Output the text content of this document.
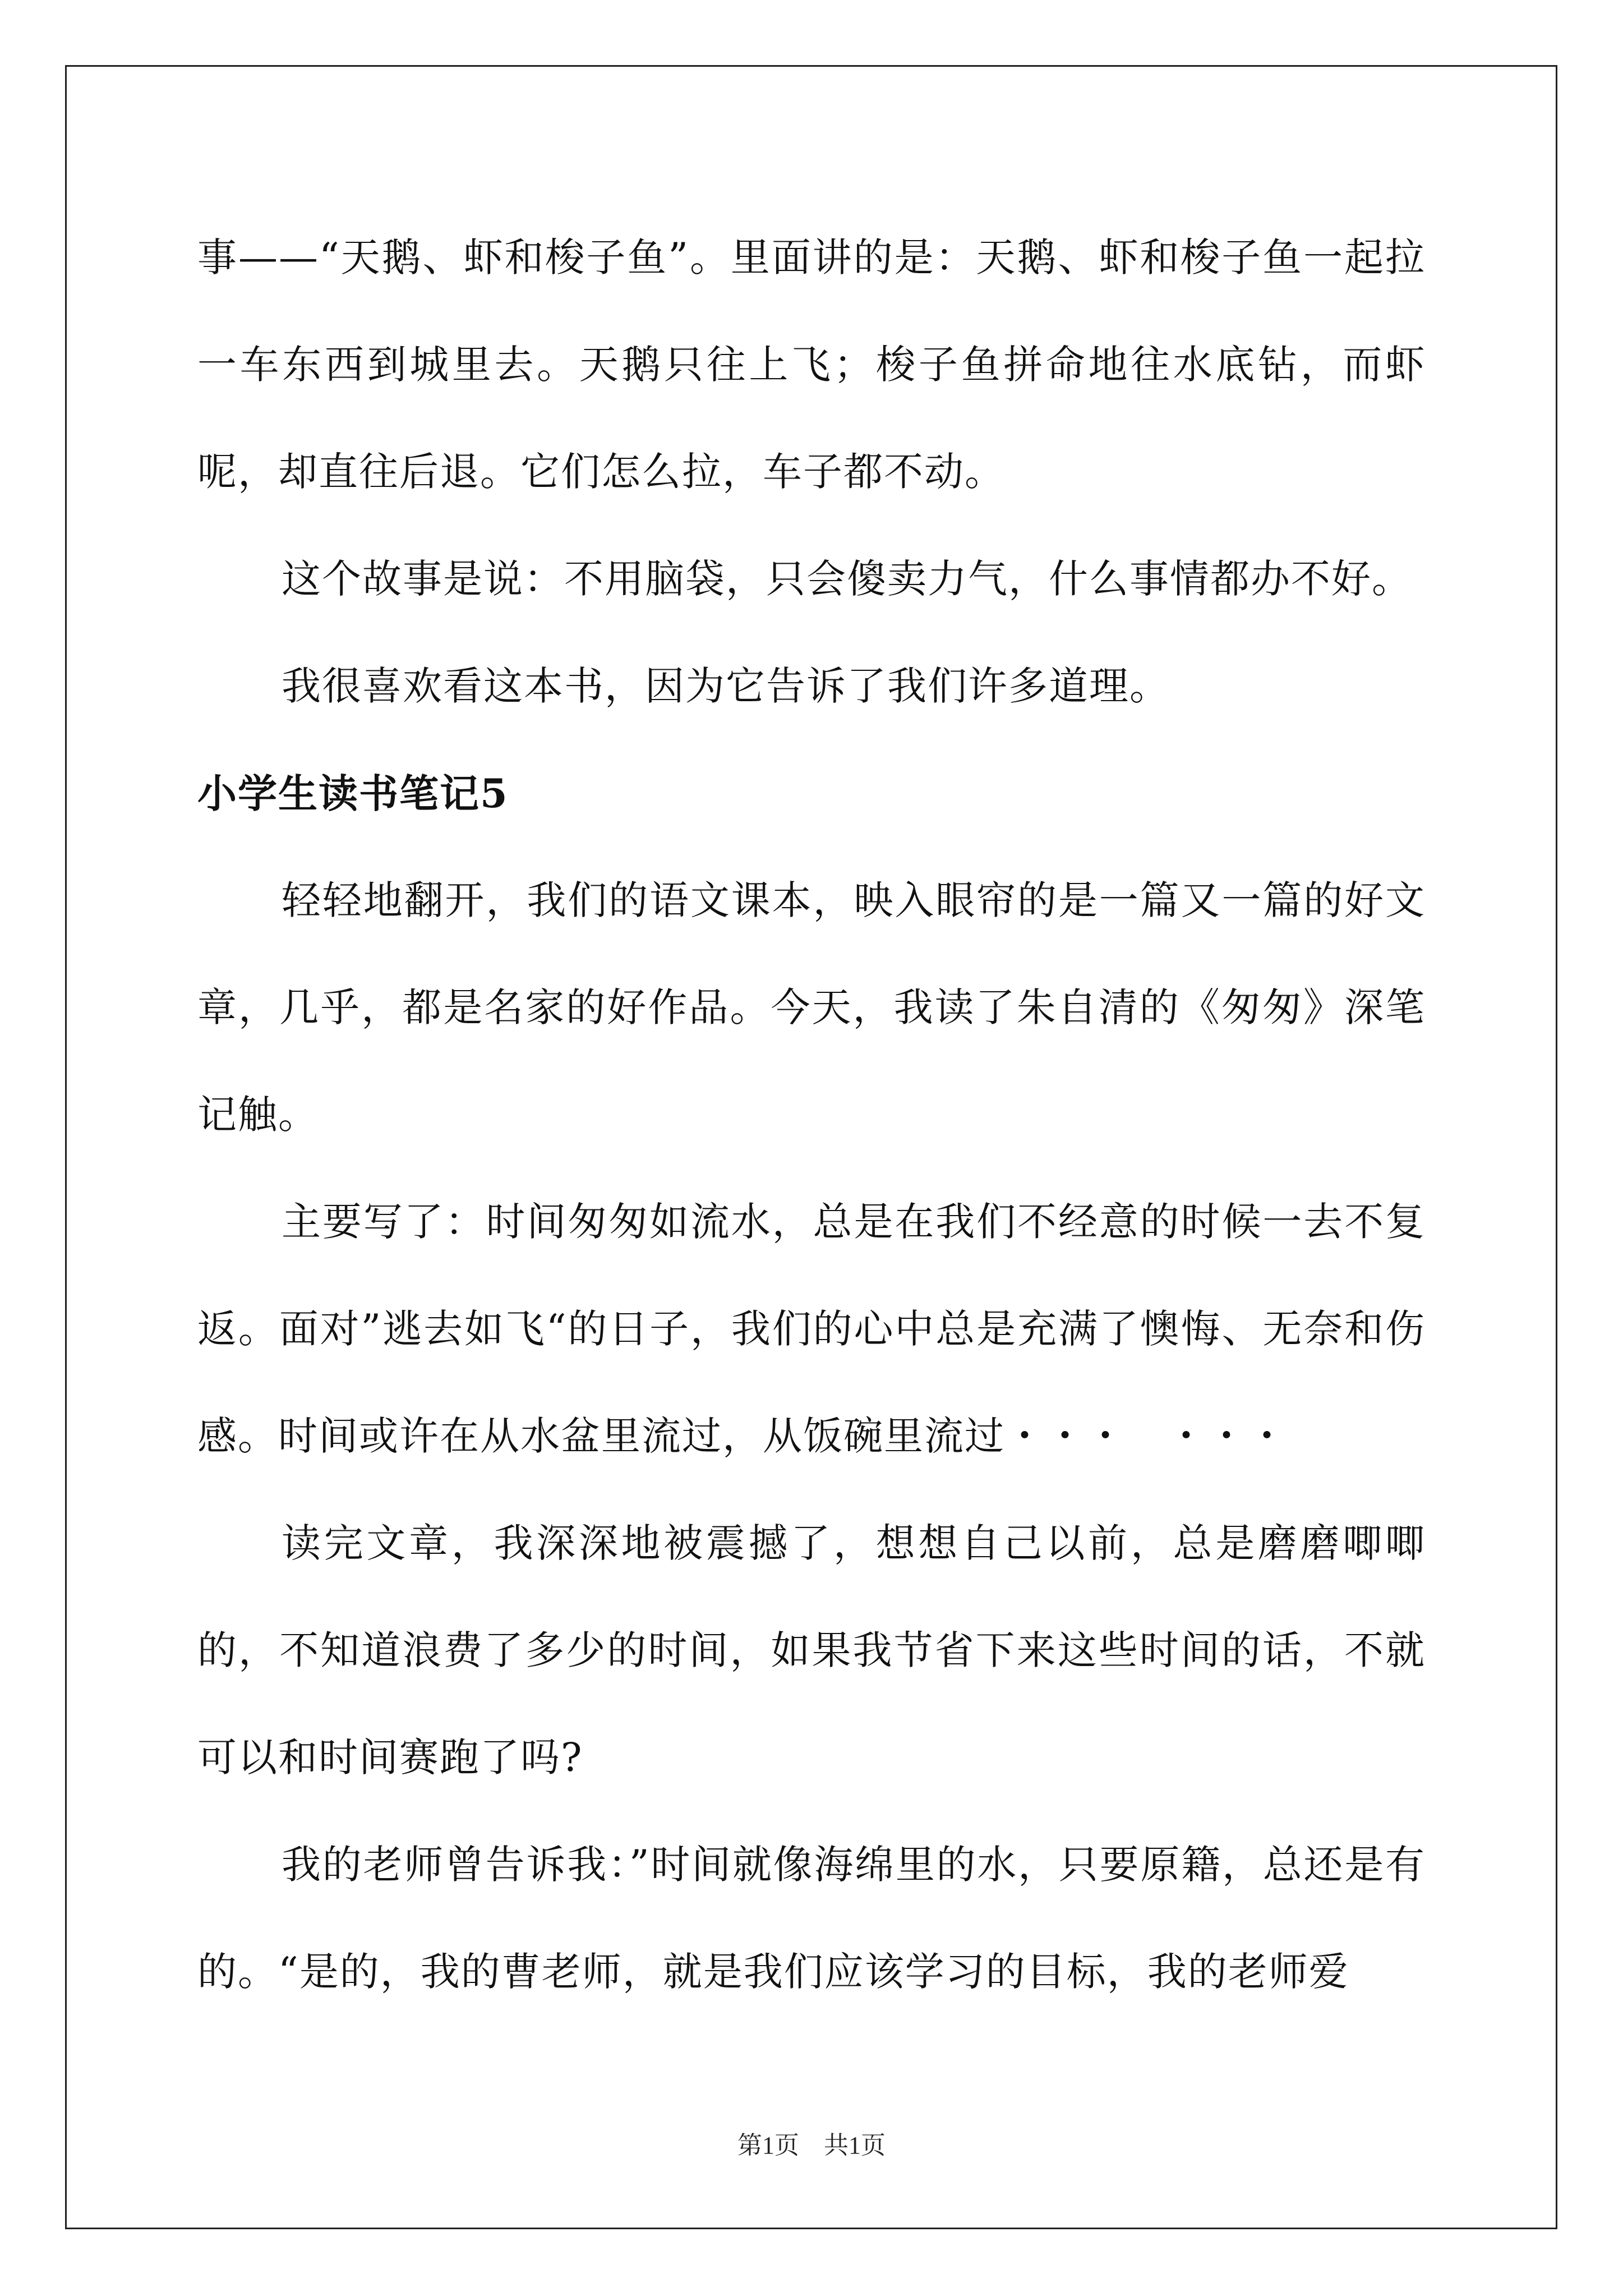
事——“天鹅、虾和梭子鱼”。里面讲的是：天鹅、虾和梭子鱼一起拉一车东西到城里去。天鹅只往上飞；梭子鱼拼命地往水底钻，而虾呢，却直往后退。它们怎么拉，车子都不动。

这个故事是说：不用脑袋，只会傻卖力气，什么事情都办不好。

我很喜欢看这本书，因为它告诉了我们许多道理。

小学生读书笔记5

轻轻地翻开，我们的语文课本，映入眼帘的是一篇又一篇的好文章，几乎，都是名家的好作品。今天，我读了朱自清的《匆匆》深笔记触。

主要写了：时间匆匆如流水，总是在我们不经意的时候一去不复返。面对”逃去如飞“的日子，我们的心中总是充满了懊悔、无奈和伤感。时间或许在从水盆里流过，从饭碗里流过・・・　・・・

读完文章，我深深地被震撼了，想想自己以前，总是磨磨唧唧的，不知道浪费了多少的时间，如果我节省下来这些时间的话，不就可以和时间赛跑了吗?

我的老师曾告诉我：”时间就像海绵里的水，只要原籍，总还是有的。“是的，我的曹老师，就是我们应该学习的目标，我的老师爱

第1页　共1页
